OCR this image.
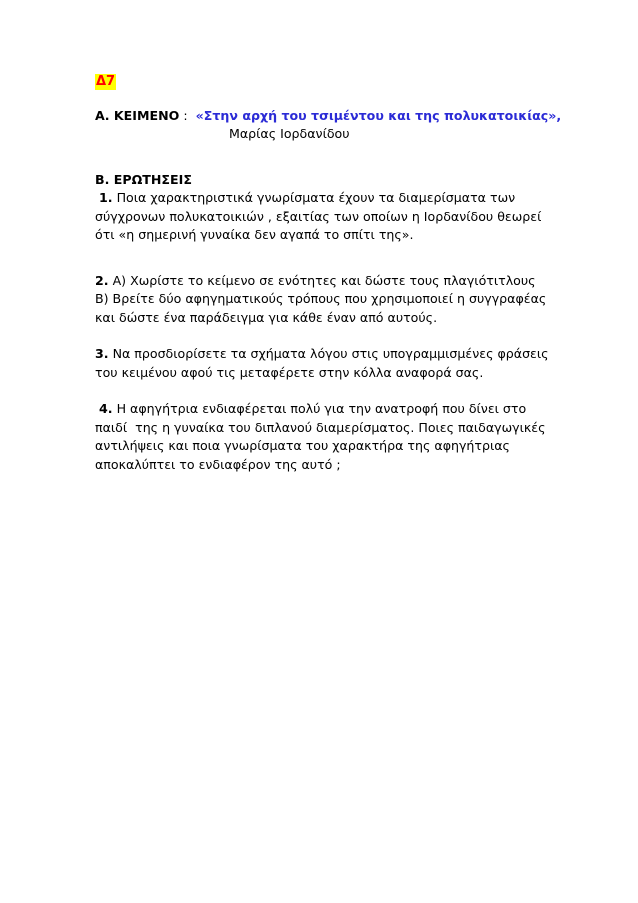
Δ7
Α. ΚΕΙΜΕΝΟ :  «Στην αρχή του τσιμέντου και της πολυκατοικίας»,
Μαρίας Ιορδανίδου
Β. ΕΡΩΤΗΣΕΙΣ
1. Ποια χαρακτηριστικά γνωρίσματα έχουν τα διαμερίσματα των
σύγχρονων πολυκατοικιών , εξαιτίας των οποίων η Ιορδανίδου θεωρεί
ότι «η σημερινή γυναίκα δεν αγαπά το σπίτι της».
2. Α) Χωρίστε το κείμενο σε ενότητες και δώστε τους πλαγιότιτλους
Β) Βρείτε δύο αφηγηματικούς τρόπους που χρησιμοποιεί η συγγραφέας
και δώστε ένα παράδειγμα για κάθε έναν από αυτούς.
3. Να προσδιορίσετε τα σχήματα λόγου στις υπογραμμισμένες φράσεις
του κειμένου αφού τις μεταφέρετε στην κόλλα αναφορά σας.
4. Η αφηγήτρια ενδιαφέρεται πολύ για την ανατροφή που δίνει στο
παιδί  της η γυναίκα του διπλανού διαμερίσματος. Ποιες παιδαγωγικές
αντιλήψεις και ποια γνωρίσματα του χαρακτήρα της αφηγήτριας
αποκαλύπτει το ενδιαφέρον της αυτό ;
